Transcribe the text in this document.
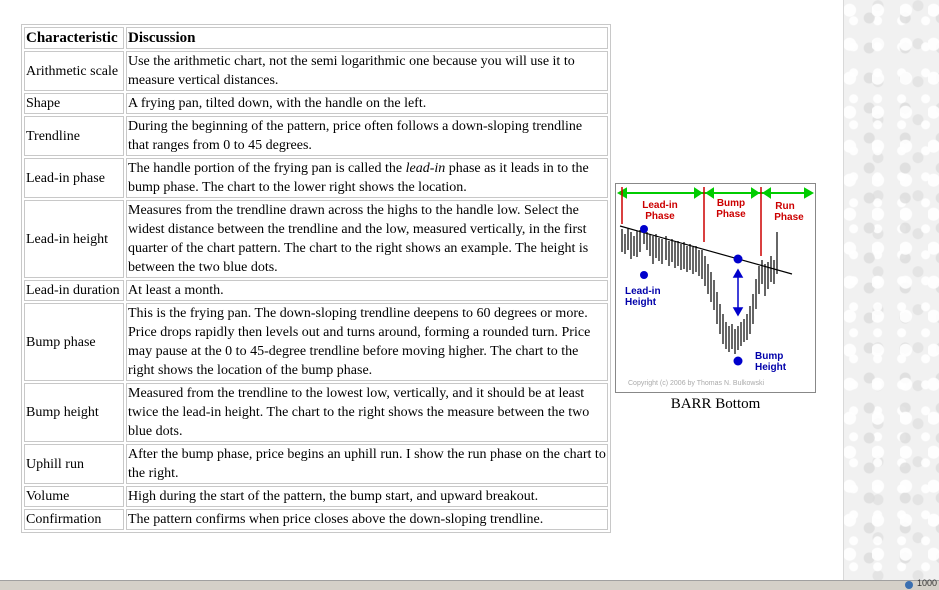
Characteristic	Discussion
Arithmetic scale	Use the arithmetic chart, not the semi logarithmic one because you will use it to measure vertical distances.
Shape	A frying pan, tilted down, with the handle on the left.
Trendline	During the beginning of the pattern, price often follows a down-sloping trendline that ranges from 0 to 45 degrees.
Lead-in phase	The handle portion of the frying pan is called the lead-in phase as it leads in to the bump phase. The chart to the lower right shows the location.
Lead-in height	Measures from the trendline drawn across the highs to the handle low. Select the widest distance between the trendline and the low, measured vertically, in the first quarter of the chart pattern. The chart to the right shows an example. The height is between the two blue dots.
Lead-in duration	At least a month.
Bump phase	This is the frying pan. The down-sloping trendline deepens to 60 degrees or more. Price drops rapidly then levels out and turns around, forming a rounded turn. Price may pause at the 0 to 45-degree trendline before moving higher. The chart to the right shows the location of the bump phase.
Bump height	Measured from the trendline to the lowest low, vertically, and it should be at least twice the lead-in height. The chart to the right shows the measure between the two blue dots.
Uphill run	After the bump phase, price begins an uphill run. I show the run phase on the chart to the right.
Volume	High during the start of the pattern, the bump start, and upward breakout.
Confirmation	The pattern confirms when price closes above the down-sloping trendline.
Lead-in
Phase
Bump
Phase
Run
Phase
Lead-in
Height
Bump
Height
Copyright (c) 2006 by Thomas N. Bulkowski
BARR Bottom
1000
